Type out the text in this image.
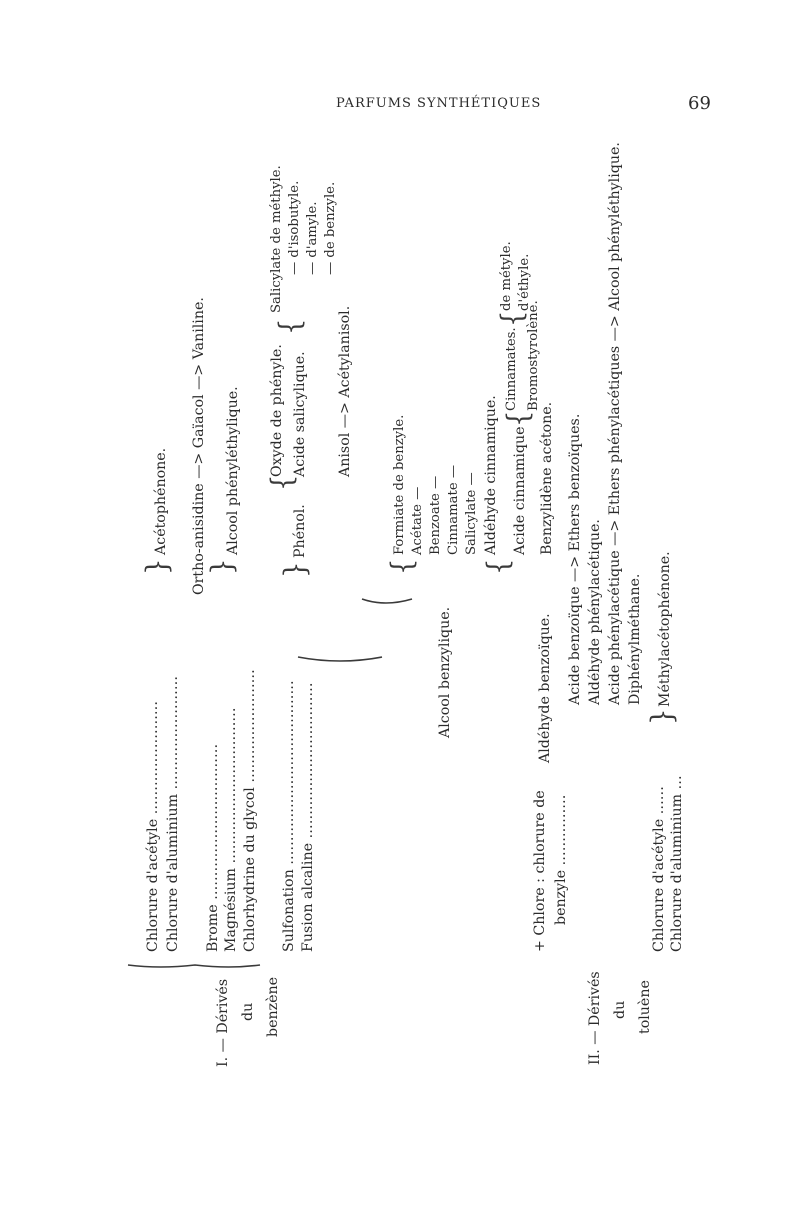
PARFUMS SYNTHÉTIQUES	69
I. — Dérivés du benzène
Chlorure d'acétyle …………………… Chlorure d'aluminium ……………………
}
Acétophénone. Ortho-anisidine —> Gaïacol —> Vaniline.
Brome …………………………… Magnésium …………………………… Chlorhydrine du glycol ……………………
}
Alcool phényléthylique.
Sulfonation ………………………………… Fusion alcaline ……………………………
}
Phénol.
{
Oxyde de phényle. Acide salicylique. Anisol —> Acétylanisol.
{
Salicylate de méthyle. — d'isobutyle. — d'amyle. — de benzyle.
II. — Dérivés du toluène
+ Chlore : chlorure de benzyle ……………
Alcool benzylique.
{
Formiate de benzyle. Acétate — Benzoate — Cinnamate — Salicylate —
Aldéhyde benzoïque.
{
Aldéhyde cinnamique. Acide cinnamique Benzylidène acétone.
{
Cinnamates. Bromostyrolène.
{
de métyle. d'éthyle.
Acide benzoïque —> Ethers benzoïques. Aldéhyde phénylacétique. Acide phénylacétique —> Ethers phénylacétiques —> Alcool phényléthylique. Diphénylméthane.
Chlorure d'acétyle …… Chlorure d'aluminium …
}
Méthylacétophénone.
